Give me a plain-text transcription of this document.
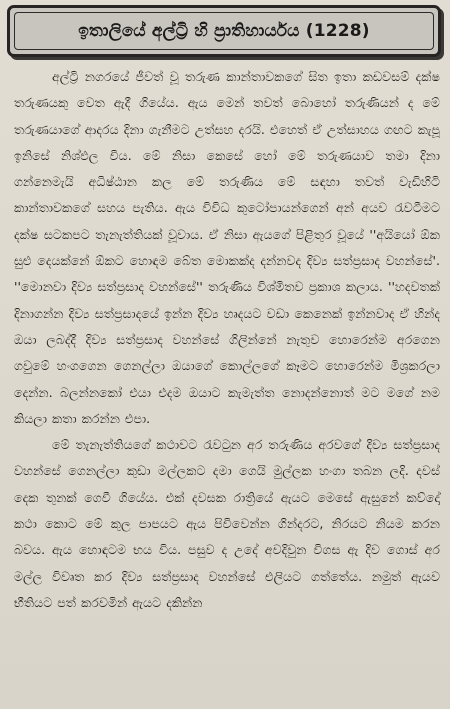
ඉතාලියේ අල්ට්‍රි හි ප්‍රාතිහාර්යය (1228)

අල්ට්‍රි නගරයේ ජීවත් වූ තරුණ කාන්තාවකගේ සිත ඉතා කඩවසම් දක්ෂ තරුණයකු වෙත ඇදී ගියේය. ඇය මෙන් තවත් බොහෝ තරුණියන් ද මේ තරුණයාගේ ආදරය දිනා ගැනීමට උත්සහ දරයි. එහෙත් ඒ උත්සාහය ගඟට කැපූ ඉනිසේ නිශ්ඵල විය. මේ නිසා කෙසේ හෝ මේ තරුණයාව තමා දිනා ගන්නෙමැයි අධිෂ්ඨාන කල මේ තරුණිය මේ සඳහා තවත් වැඩිහිටි කාන්තාවකගේ සහය පැතිය. ඇය විවිධ කුටෝපායන්ගෙන් අන් අයව රැවටීමට දක්ෂ සටකපට තැනැත්තියක් වූවාය. ඒ නිසා ඇයගේ පිළිතුර වූයේ ''අයියෝ ඕක සුළු දෙයක්නේ ඕකට හොඳම බේත මොකක්ද දන්නවද දිව්‍ය සත්ප්‍රසාද වහන්සේ'. ''මොනවා දිව්‍ය සත්ප්‍රසාද වහන්සේ'' තරුණිය විශ්මිතව ප්‍රකාශ කලාය. ''හදවතක් දිනාගන්න දිව්‍ය සත්ප්‍රසාදයේ ඉන්න දිව්‍ය හෘදයට වඩා කෙනෙක් ඉන්නවාද ඒ හින්ද ඔයා ලබද්දී දිව්‍ය සත්ප්‍රසාද වහන්සේ ගිලින්නේ නැතුව හොරෙන්ම අරගෙන ගවුමේ හංගගෙන ගෙනල්ලා ඔයාගේ කොල්ලගේ කෑමට හොරෙන්ම මිශ්‍රකරලා දෙන්න. බලන්නකෝ එයා එදම ඔයාට කැමැත්ත නොදන්නොත් මට මගේ නම කියලා කතා කරන්න එපා.

මේ තැනැත්තියගේ කථාවට රැවටුන අර තරුණිය අරවගේ දිව්‍ය සත්ප්‍රසාද වහන්සේ ගෙනල්ලා කුඩා මල්ලකට දමා ගෙයි මුල්ලක හංගා තබන ලදි. දවස් දෙක තුනක් ගෙවී ගියේය. එක් දවසක රාත්‍රියේ ඇයට මෙසේ ඇසුනේ කව්දෝ කථා කොට මේ කුල පාපයට ඇය පිවිවෙන්න ගින්දරට, නිරයට නියම කරන බවය. ඇය හොඳටම භය විය. පසුව ද උදේ අවදිවුන විගස ඇ දිව ගොස් අර මල්ල විවෘත කර දිව්‍ය සත්ප්‍රසාද වහන්සේ එලියට ගත්තේය. නමුත් ඇයව භීතියට පත් කරවමින් ඇයට දකින්න
